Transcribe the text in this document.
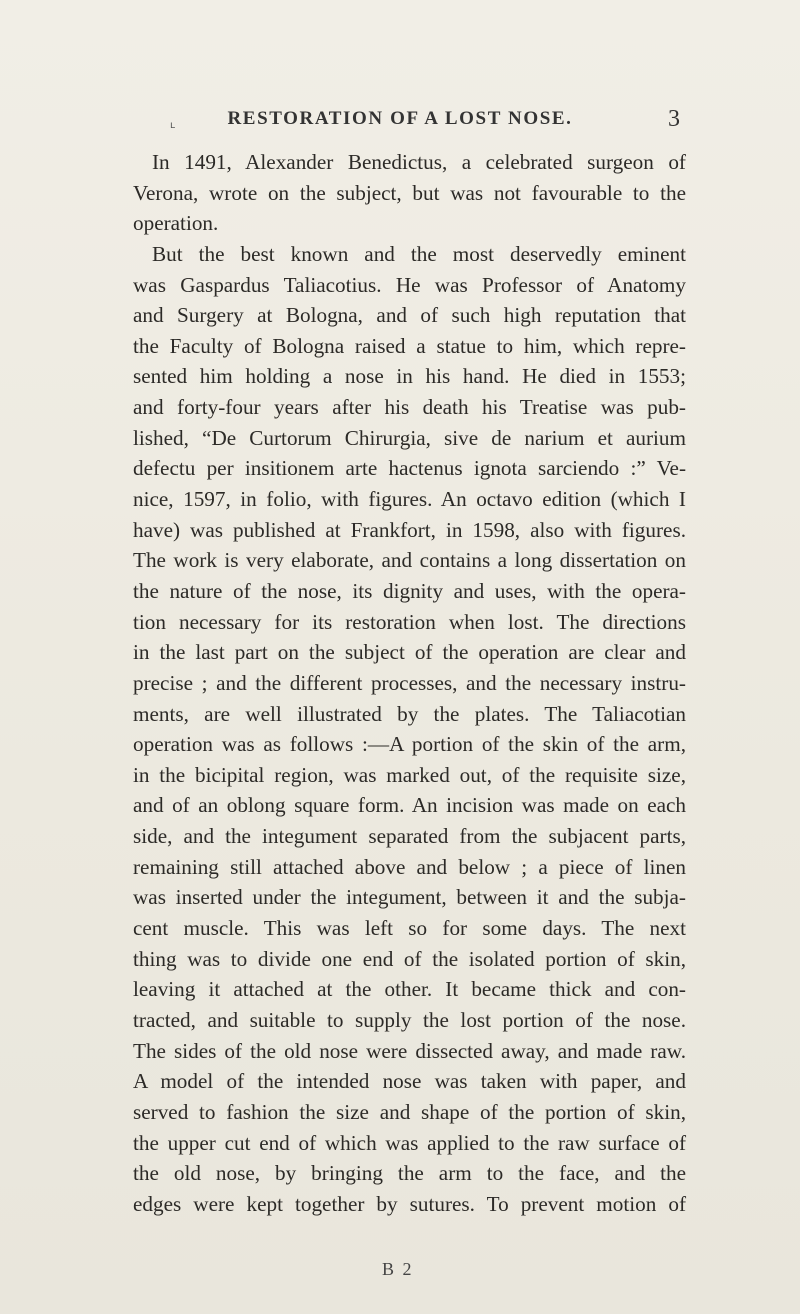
ʟ	RESTORATION OF A LOST NOSE.	3
In 1491, Alexander Benedictus, a celebrated surgeon of
Verona, wrote on the subject, but was not favourable to the
operation.
But the best known and the most deservedly eminent
was Gaspardus Taliacotius. He was Professor of Anatomy
and Surgery at Bologna, and of such high reputation that
the Faculty of Bologna raised a statue to him, which repre-
sented him holding a nose in his hand. He died in 1553;
and forty-four years after his death his Treatise was pub-
lished, “De Curtorum Chirurgia, sive de narium et aurium
defectu per insitionem arte hactenus ignota sarciendo :” Ve-
nice, 1597, in folio, with figures. An octavo edition (which I
have) was published at Frankfort, in 1598, also with figures.
The work is very elaborate, and contains a long dissertation on
the nature of the nose, its dignity and uses, with the opera-
tion necessary for its restoration when lost. The directions
in the last part on the subject of the operation are clear and
precise ; and the different processes, and the necessary instru-
ments, are well illustrated by the plates. The Taliacotian
operation was as follows :—A portion of the skin of the arm,
in the bicipital region, was marked out, of the requisite size,
and of an oblong square form. An incision was made on each
side, and the integument separated from the subjacent parts,
remaining still attached above and below ; a piece of linen
was inserted under the integument, between it and the subja-
cent muscle. This was left so for some days. The next
thing was to divide one end of the isolated portion of skin,
leaving it attached at the other. It became thick and con-
tracted, and suitable to supply the lost portion of the nose.
The sides of the old nose were dissected away, and made raw.
A model of the intended nose was taken with paper, and
served to fashion the size and shape of the portion of skin,
the upper cut end of which was applied to the raw surface of
the old nose, by bringing the arm to the face, and the
edges were kept together by sutures. To prevent motion of
B 2
